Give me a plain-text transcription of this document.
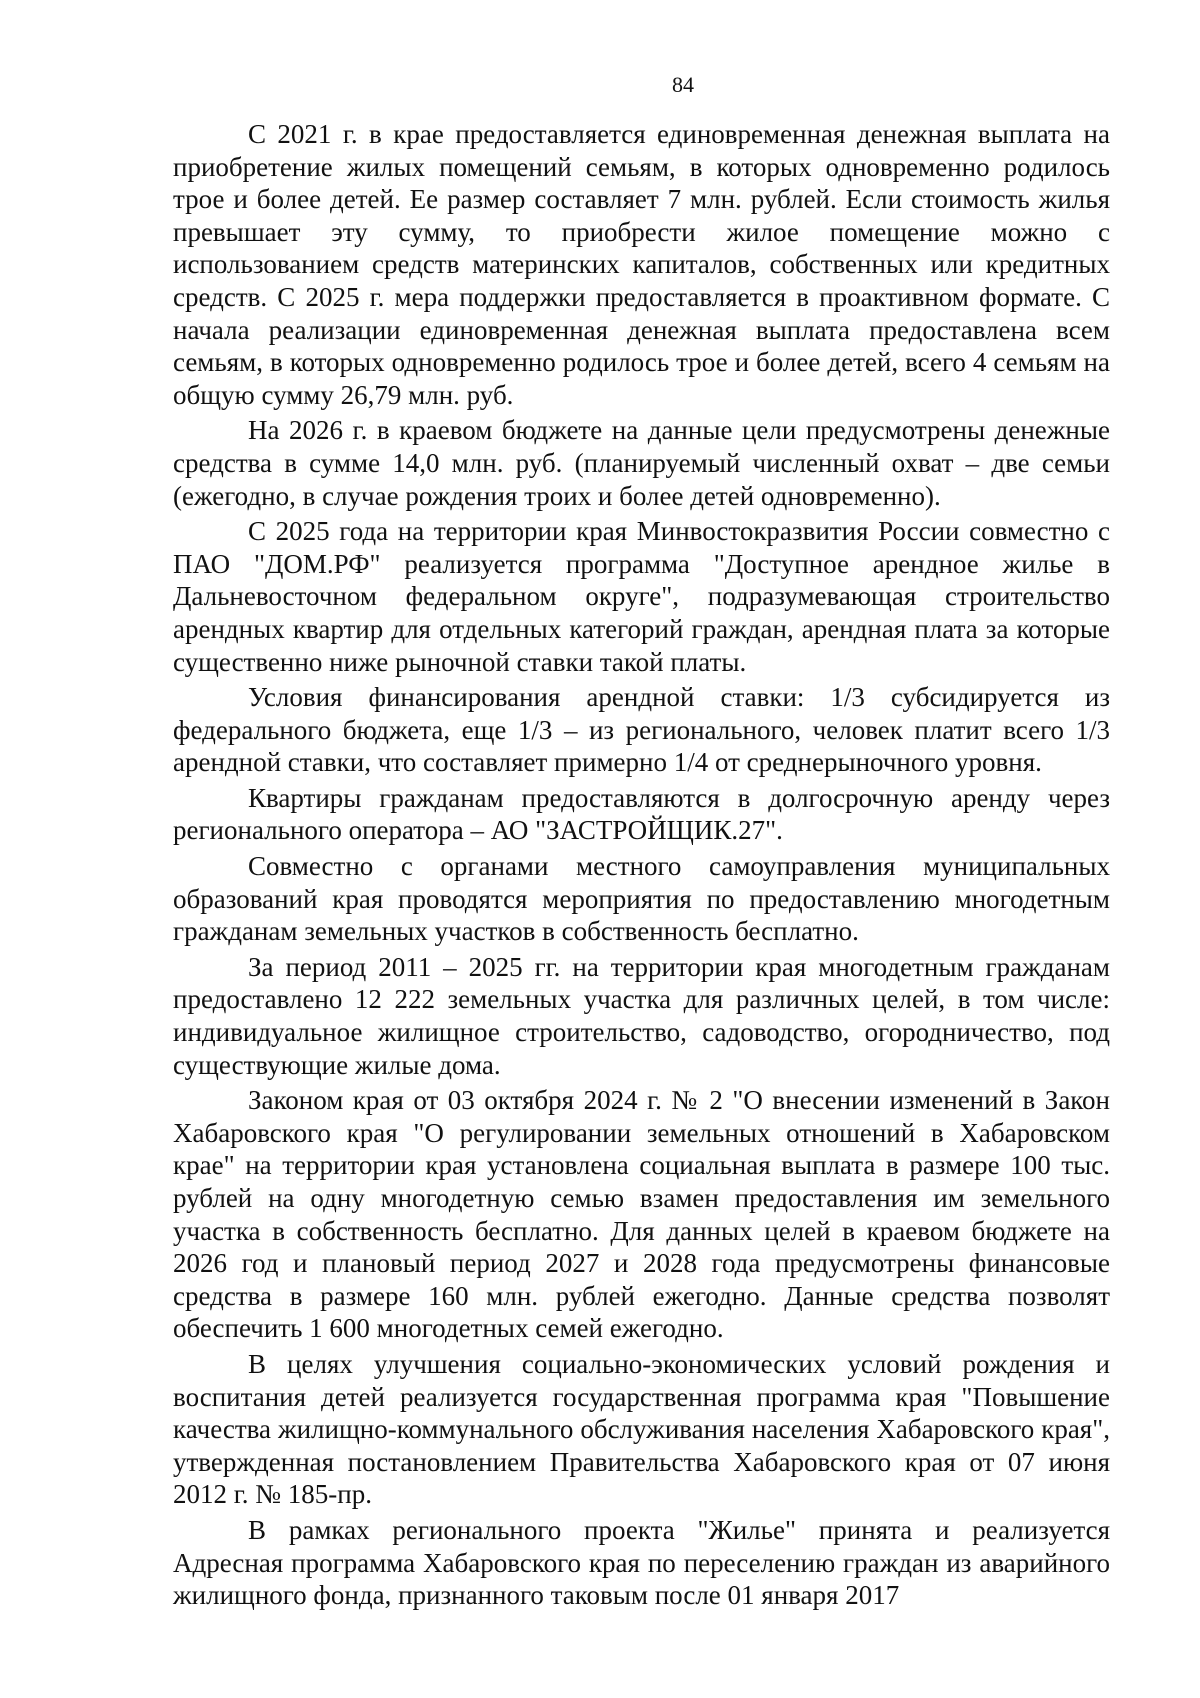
84

С 2021 г. в крае предоставляется единовременная денежная выплата на приобретение жилых помещений семьям, в которых одновременно родилось трое и более детей. Ее размер составляет 7 млн. рублей. Если стоимость жилья превышает эту сумму, то приобрести жилое помещение можно с использованием средств материнских капиталов, собственных или кредитных средств. С 2025 г. мера поддержки предоставляется в проактивном формате. С начала реализации единовременная денежная выплата предоставлена всем семьям, в которых одновременно родилось трое и более детей, всего 4 семьям на общую сумму 26,79 млн. руб.

На 2026 г. в краевом бюджете на данные цели предусмотрены денежные средства в сумме 14,0 млн. руб. (планируемый численный охват – две семьи (ежегодно, в случае рождения троих и более детей одновременно).

С 2025 года на территории края Минвостокразвития России совместно с ПАО "ДОМ.РФ" реализуется программа "Доступное арендное жилье в Дальневосточном федеральном округе", подразумевающая строительство арендных квартир для отдельных категорий граждан, арендная плата за которые существенно ниже рыночной ставки такой платы.

Условия финансирования арендной ставки: 1/3 субсидируется из федерального бюджета, еще 1/3 – из регионального, человек платит всего 1/3 арендной ставки, что составляет примерно 1/4 от среднерыночного уровня.

Квартиры гражданам предоставляются в долгосрочную аренду через регионального оператора – АО "ЗАСТРОЙЩИК.27".

Совместно с органами местного самоуправления муниципальных образований края проводятся мероприятия по предоставлению многодетным гражданам земельных участков в собственность бесплатно.

За период 2011 – 2025 гг. на территории края многодетным гражданам предоставлено 12 222 земельных участка для различных целей, в том числе: индивидуальное жилищное строительство, садоводство, огородничество, под существующие жилые дома.

Законом края от 03 октября 2024 г. № 2 "О внесении изменений в Закон Хабаровского края "О регулировании земельных отношений в Хабаровском крае" на территории края установлена социальная выплата в размере 100 тыс. рублей на одну многодетную семью взамен предоставления им земельного участка в собственность бесплатно. Для данных целей в краевом бюджете на 2026 год и плановый период 2027 и 2028 года предусмотрены финансовые средства в размере 160 млн. рублей ежегодно. Данные средства позволят обеспечить 1 600 многодетных семей ежегодно.

В целях улучшения социально-экономических условий рождения и воспитания детей реализуется государственная программа края "Повышение качества жилищно-коммунального обслуживания населения Хабаровского края", утвержденная постановлением Правительства Хабаровского края от 07 июня 2012 г. № 185-пр.

В рамках регионального проекта "Жилье" принята и реализуется Адресная программа Хабаровского края по переселению граждан из аварийного жилищного фонда, признанного таковым после 01 января 2017
